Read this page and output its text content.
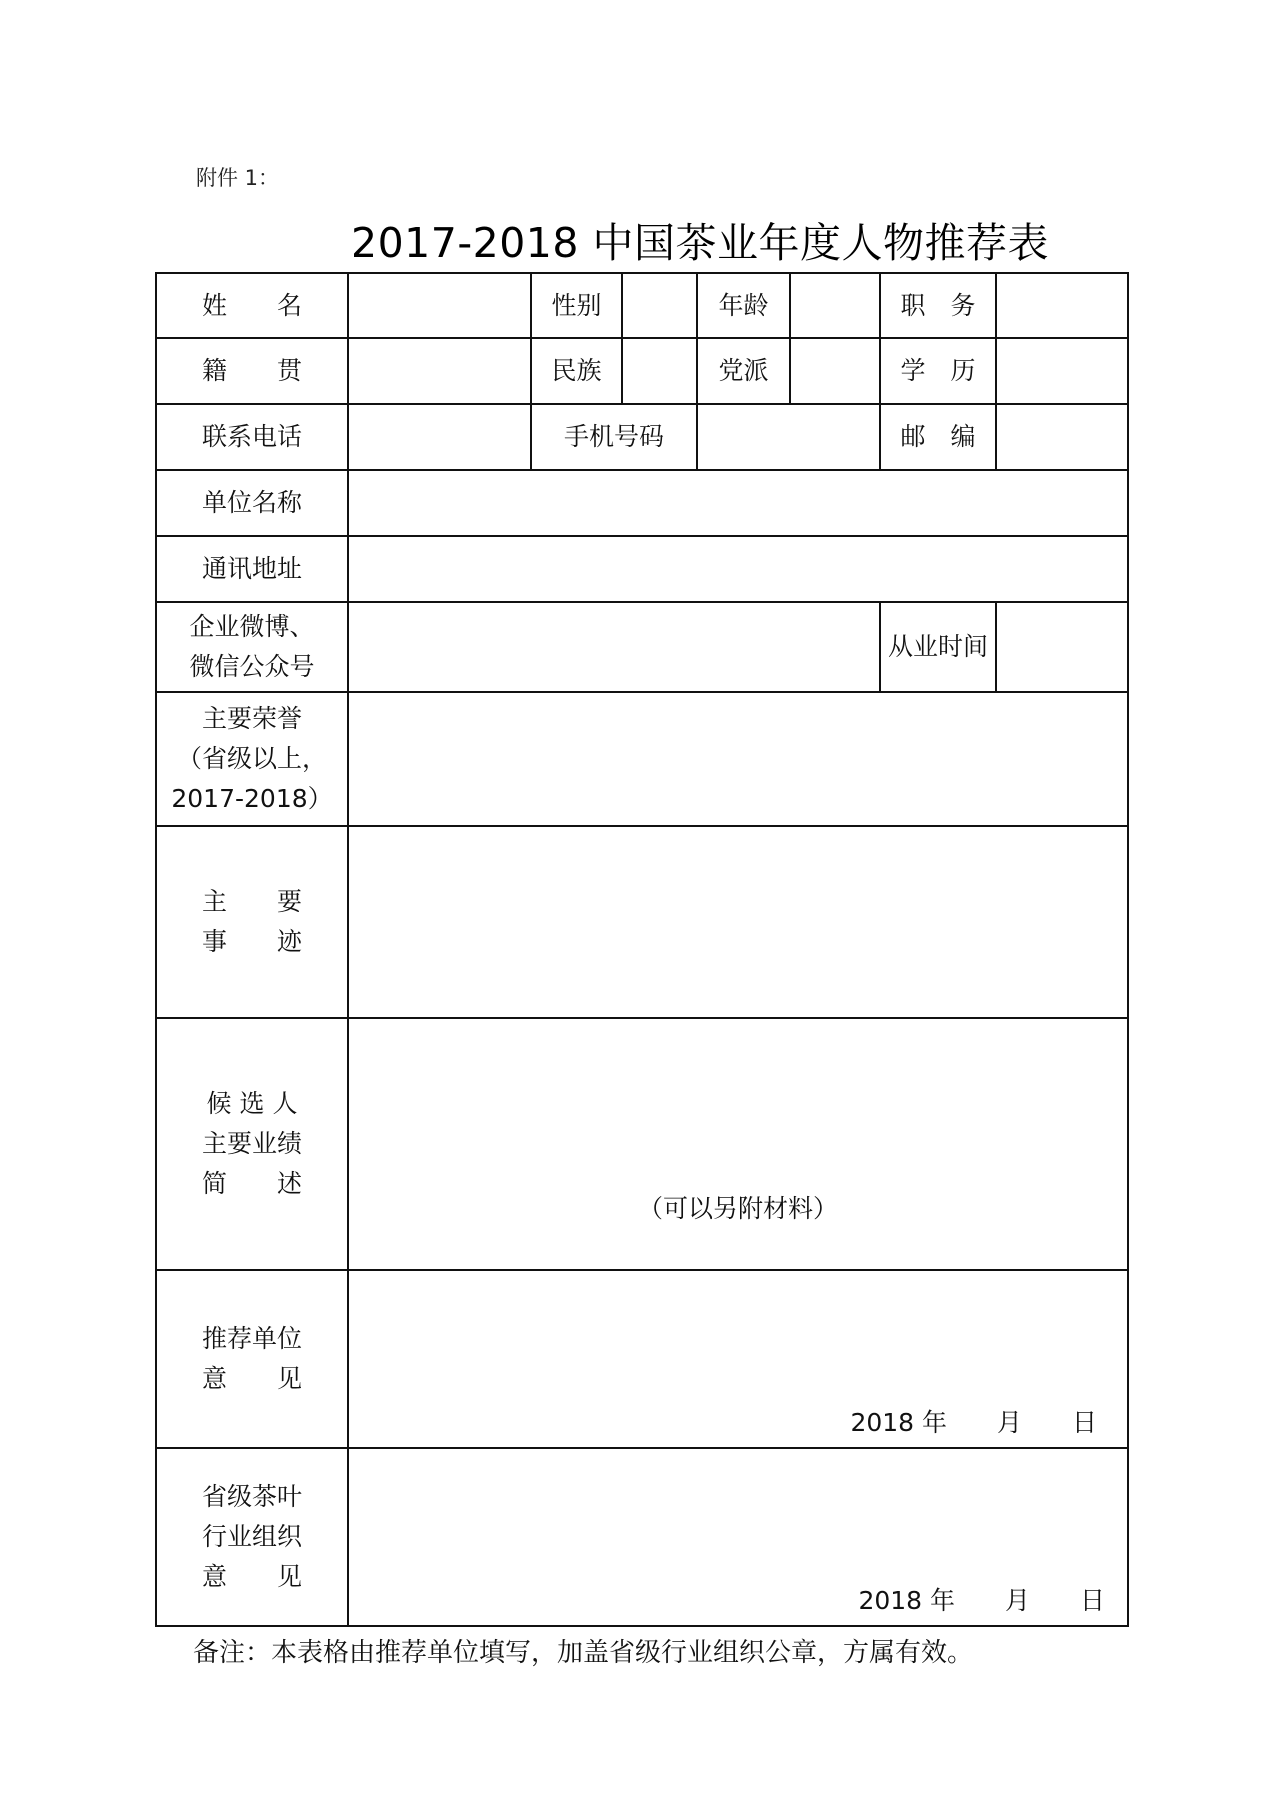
附件 1：
2017-2018 中国茶业年度人物推荐表
姓　　名		性别		年龄		职　务	
籍　　贯		民族		党派		学　历	
联系电话		手机号码				邮　编	
单位名称							
通讯地址							

企业微博、
微信公众号						从业时间	

主要荣誉
（省级以上，
2017-2018）							

主　　要
事　　迹							

候 选 人
主要业绩
简　　述	（可以另附材料）						

推荐单位
意　　见	2018 年　　月　　日						

省级茶叶
行业组织
意　　见	2018 年　　月　　日						
备注：本表格由推荐单位填写，加盖省级行业组织公章，方属有效。
